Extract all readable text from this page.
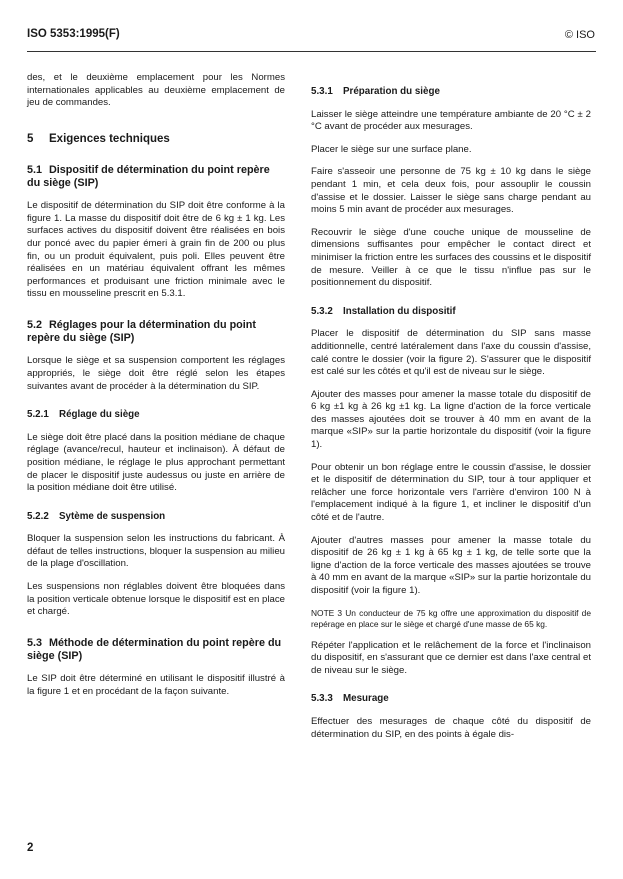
ISO 5353:1995(F)	© ISO

des, et le deuxième emplacement pour les Normes internationales applicables au deuxième emplacement de jeu de commandes.

5 Exigences techniques
5.1 Dispositif de détermination du point repère du siège (SIP)

Le dispositif de détermination du SIP doit être conforme à la figure 1. La masse du dispositif doit être de 6 kg ± 1 kg. Les surfaces actives du dispositif doivent être réalisées en bois dur poncé avec du papier émeri à grain fin de 200 ou plus fin, ou un produit équivalent, puis poli. Elles peuvent être réalisées en un matériau équivalent offrant les mêmes performances et produisant une friction minimale avec le tissu en mousseline prescrit en 5.3.1.

5.2 Réglages pour la détermination du point repère du siège (SIP)

Lorsque le siège et sa suspension comportent les réglages appropriés, le siège doit être réglé selon les étapes suivantes avant de procéder à la détermination du SIP.

5.2.1 Réglage du siège

Le siège doit être placé dans la position médiane de chaque réglage (avance/recul, hauteur et inclinaison). À défaut de position médiane, le réglage le plus approchant permettant de placer le dispositif juste audessus ou juste en arrière de la position médiane doit être utilisé.

5.2.2 Sytème de suspension

Bloquer la suspension selon les instructions du fabricant. À défaut de telles instructions, bloquer la suspension au milieu de la plage d'oscillation.

Les suspensions non réglables doivent être bloquées dans la position verticale obtenue lorsque le dispositif est en place et chargé.

5.3 Méthode de détermination du point repère du siège (SIP)

Le SIP doit être déterminé en utilisant le dispositif illustré à la figure 1 et en procédant de la façon suivante.

5.3.1 Préparation du siège

Laisser le siège atteindre une température ambiante de 20 °C ± 2 °C avant de procéder aux mesurages.

Placer le siège sur une surface plane.

Faire s'asseoir une personne de 75 kg ± 10 kg dans le siège pendant 1 min, et cela deux fois, pour assouplir le coussin d'assise et le dossier. Laisser le siège sans charge pendant au moins 5 min avant de procéder aux mesurages.

Recouvrir le siège d'une couche unique de mousseline de dimensions suffisantes pour empêcher le contact direct et minimiser la friction entre les surfaces des coussins et le dispositif de mesure. Veiller à ce que le tissu n'influe pas sur le positionnement du dispositif.

5.3.2 Installation du dispositif

Placer le dispositif de détermination du SIP sans masse additionnelle, centré latéralement dans l'axe du coussin d'assise, calé contre le dossier (voir la figure 2). S'assurer que le dispositif est calé sur les côtés et qu'il est de niveau sur le siège.

Ajouter des masses pour amener la masse totale du dispositif de 6 kg ±1 kg à 26 kg ±1 kg. La ligne d'action de la force verticale des masses ajoutées doit se trouver à 40 mm en avant de la marque «SIP» sur la partie horizontale du dispositif (voir la figure 1).

Pour obtenir un bon réglage entre le coussin d'assise, le dossier et le dispositif de détermination du SIP, tour à tour appliquer et relâcher une force horizontale vers l'arrière d'environ 100 N à l'emplacement indiqué à la figure 1, et incliner le dispositif d'un côté et de l'autre.

Ajouter d'autres masses pour amener la masse totale du dispositif de 26 kg ± 1 kg à 65 kg ± 1 kg, de telle sorte que la ligne d'action de la force verticale des masses ajoutées se trouve à 40 mm en avant de la marque «SIP» sur la partie horizontale du dispositif (voir la figure 1).

NOTE 3 Un conducteur de 75 kg offre une approximation du dispositif de repérage en place sur le siège et chargé d'une masse de 65 kg.

Répéter l'application et le relâchement de la force et l'inclinaison du dispositif, en s'assurant que ce dernier est dans l'axe central et de niveau sur le siège.

5.3.3 Mesurage

Effectuer des mesurages de chaque côté du dispositif de détermination du SIP, en des points à égale dis-

2
